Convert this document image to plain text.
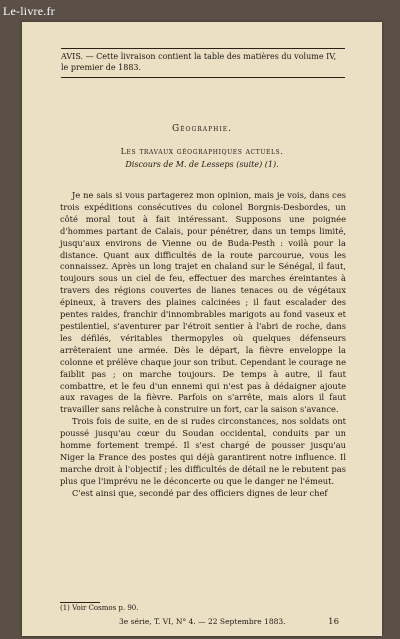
Le-livre.fr
AVIS. — Cette livraison contient la table des matières du volume IV, le premier de 1883.
Géographie.
Les travaux géographiques actuels.
Discours de M. de Lesseps (suite) (1).

Je ne sais si vous partagerez mon opinion, mais je vois, dans ces trois expéditions consécutives du colonel Borgnis-Desbordes, un côté moral tout à fait intéressant. Supposons une poignée d'hommes partant de Calais, pour pénétrer, dans un temps limité, jusqu'aux environs de Vienne ou de Buda-Pesth : voilà pour la distance. Quant aux difficultés de la route parcourue, vous les connaissez. Après un long trajet en chaland sur le Sénégal, il faut, toujours sous un ciel de feu, effectuer des marches éreintantes à travers des régions couvertes de lianes tenaces ou de végétaux épineux, à travers des plaines calcinées ; il faut escalader des pentes raides, franchir d'innombrables marigots au fond vaseux et pestilentiel, s'aventurer par l'étroit sentier à l'abri de roche, dans les défilés, véritables thermopyles où quelques défenseurs arrêteraient une armée. Dès le départ, la fièvre enveloppe la colonne et prélève chaque jour son tribut. Cependant le courage ne faiblit pas ; on marche toujours. De temps à autre, il faut combattre, et le feu d'un ennemi qui n'est pas à dédaigner ajoute aux ravages de la fièvre. Parfois on s'arrête, mais alors il faut travailler sans relâche à construire un fort, car la saison s'avance.

Trois fois de suite, en de si rudes circonstances, nos soldats ont poussé jusqu'au cœur du Soudan occidental, conduits par un homme fortement trempé. Il s'est chargé de pousser jusqu'au Niger la France des postes qui déjà garantirent notre influence. Il marche droit à l'objectif ; les difficultés de détail ne le rebutent pas plus que l'imprévu ne le déconcerte ou que le danger ne l'émeut.

C'est ainsi que, secondé par des officiers dignes de leur chef

(1) Voir Cosmos p. 90.
3e série, T. VI, N° 4. — 22 Septembre 1883.	16
